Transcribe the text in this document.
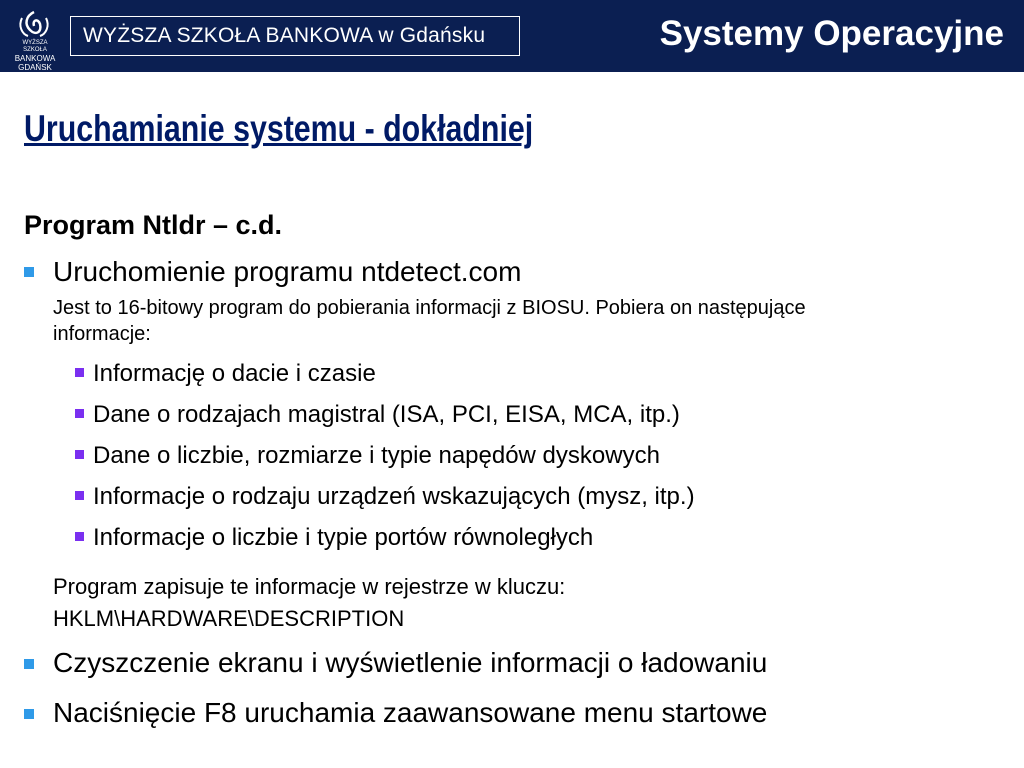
WYŻSZA SZKOŁA
BANKOWA
GDAŃSK
WYŻSZA SZKOŁA BANKOWA w Gdańsku	Systemy Operacyjne
Uruchamianie systemu - dokładniej
Program Ntldr – c.d.
Uruchomienie programu ntdetect.com
Jest to 16-bitowy program do pobierania informacji z BIOSU. Pobiera on następujące
informacje:
Informację o dacie i czasie
Dane o rodzajach magistral (ISA, PCI, EISA, MCA, itp.)
Dane o liczbie, rozmiarze i typie napędów dyskowych
Informacje o rodzaju urządzeń wskazujących (mysz, itp.)
Informacje o liczbie i typie portów równoległych
Program zapisuje te informacje w rejestrze w kluczu:
HKLM\HARDWARE\DESCRIPTION
Czyszczenie ekranu i wyświetlenie informacji o ładowaniu
Naciśnięcie F8 uruchamia zaawansowane menu startowe
